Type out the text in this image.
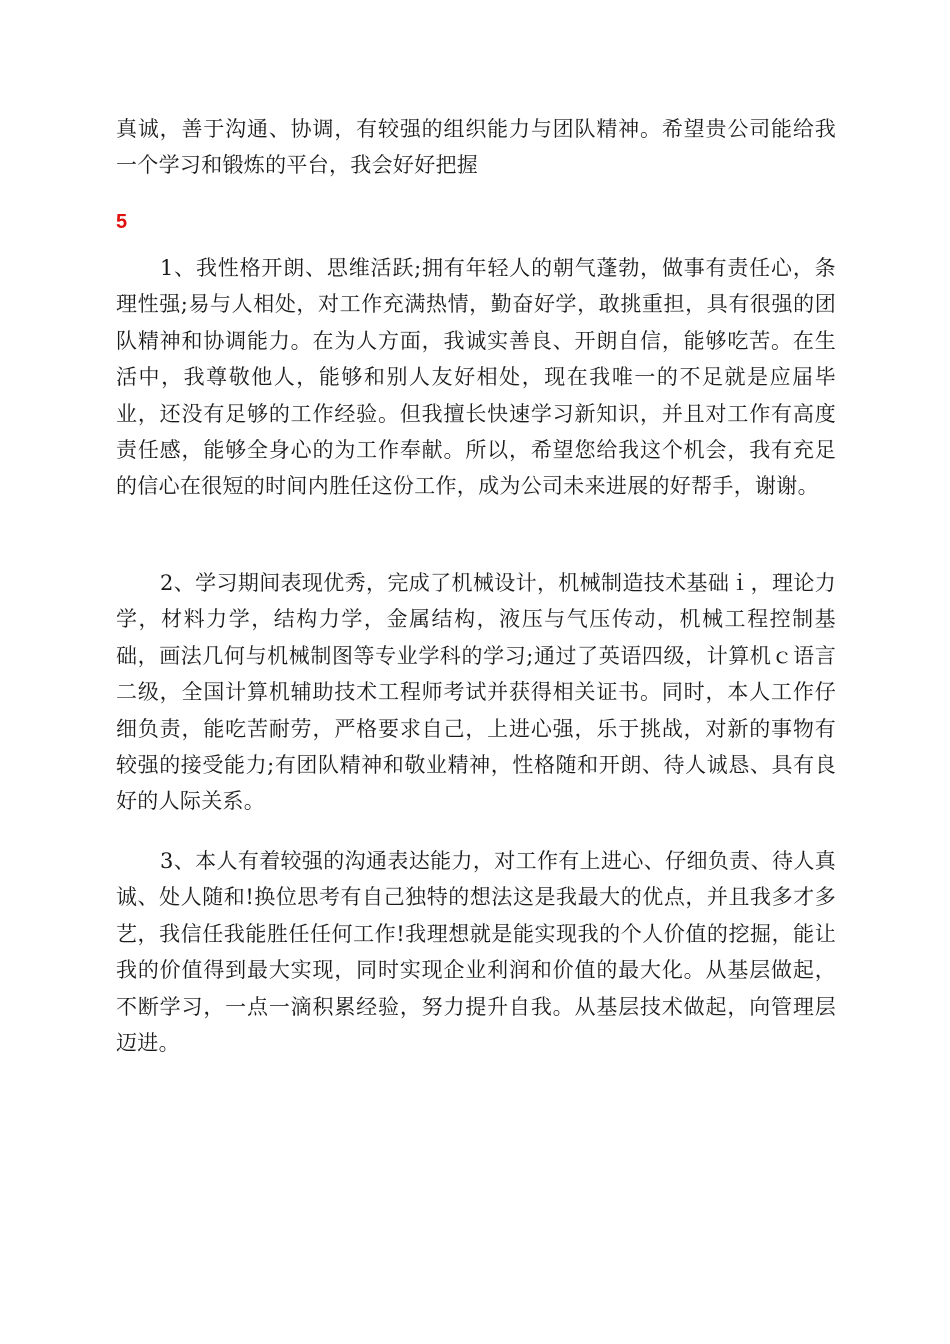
真诚，善于沟通、协调，有较强的组织能力与团队精神。希望贵公司能给我一个学习和锻炼的平台，我会好好把握

5

1、我性格开朗、思维活跃;拥有年轻人的朝气蓬勃，做事有责任心，条理性强;易与人相处，对工作充满热情，勤奋好学，敢挑重担，具有很强的团队精神和协调能力。在为人方面，我诚实善良、开朗自信，能够吃苦。在生活中，我尊敬他人，能够和别人友好相处，现在我唯一的不足就是应届毕业，还没有足够的工作经验。但我擅长快速学习新知识，并且对工作有高度责任感，能够全身心的为工作奉献。所以，希望您给我这个机会，我有充足的信心在很短的时间内胜任这份工作，成为公司未来进展的好帮手，谢谢。

2、学习期间表现优秀，完成了机械设计，机械制造技术基础ｉ，理论力学，材料力学，结构力学，金属结构，液压与气压传动，机械工程控制基础，画法几何与机械制图等专业学科的学习;通过了英语四级，计算机ｃ语言二级，全国计算机辅助技术工程师考试并获得相关证书。同时，本人工作仔细负责，能吃苦耐劳，严格要求自己，上进心强，乐于挑战，对新的事物有较强的接受能力;有团队精神和敬业精神，性格随和开朗、待人诚恳、具有良好的人际关系。

3、本人有着较强的沟通表达能力，对工作有上进心、仔细负责、待人真诚、处人随和!换位思考有自己独特的想法这是我最大的优点，并且我多才多艺，我信任我能胜任任何工作!我理想就是能实现我的个人价值的挖掘，能让我的价值得到最大实现，同时实现企业利润和价值的最大化。从基层做起，不断学习，一点一滴积累经验，努力提升自我。从基层技术做起，向管理层迈进。
